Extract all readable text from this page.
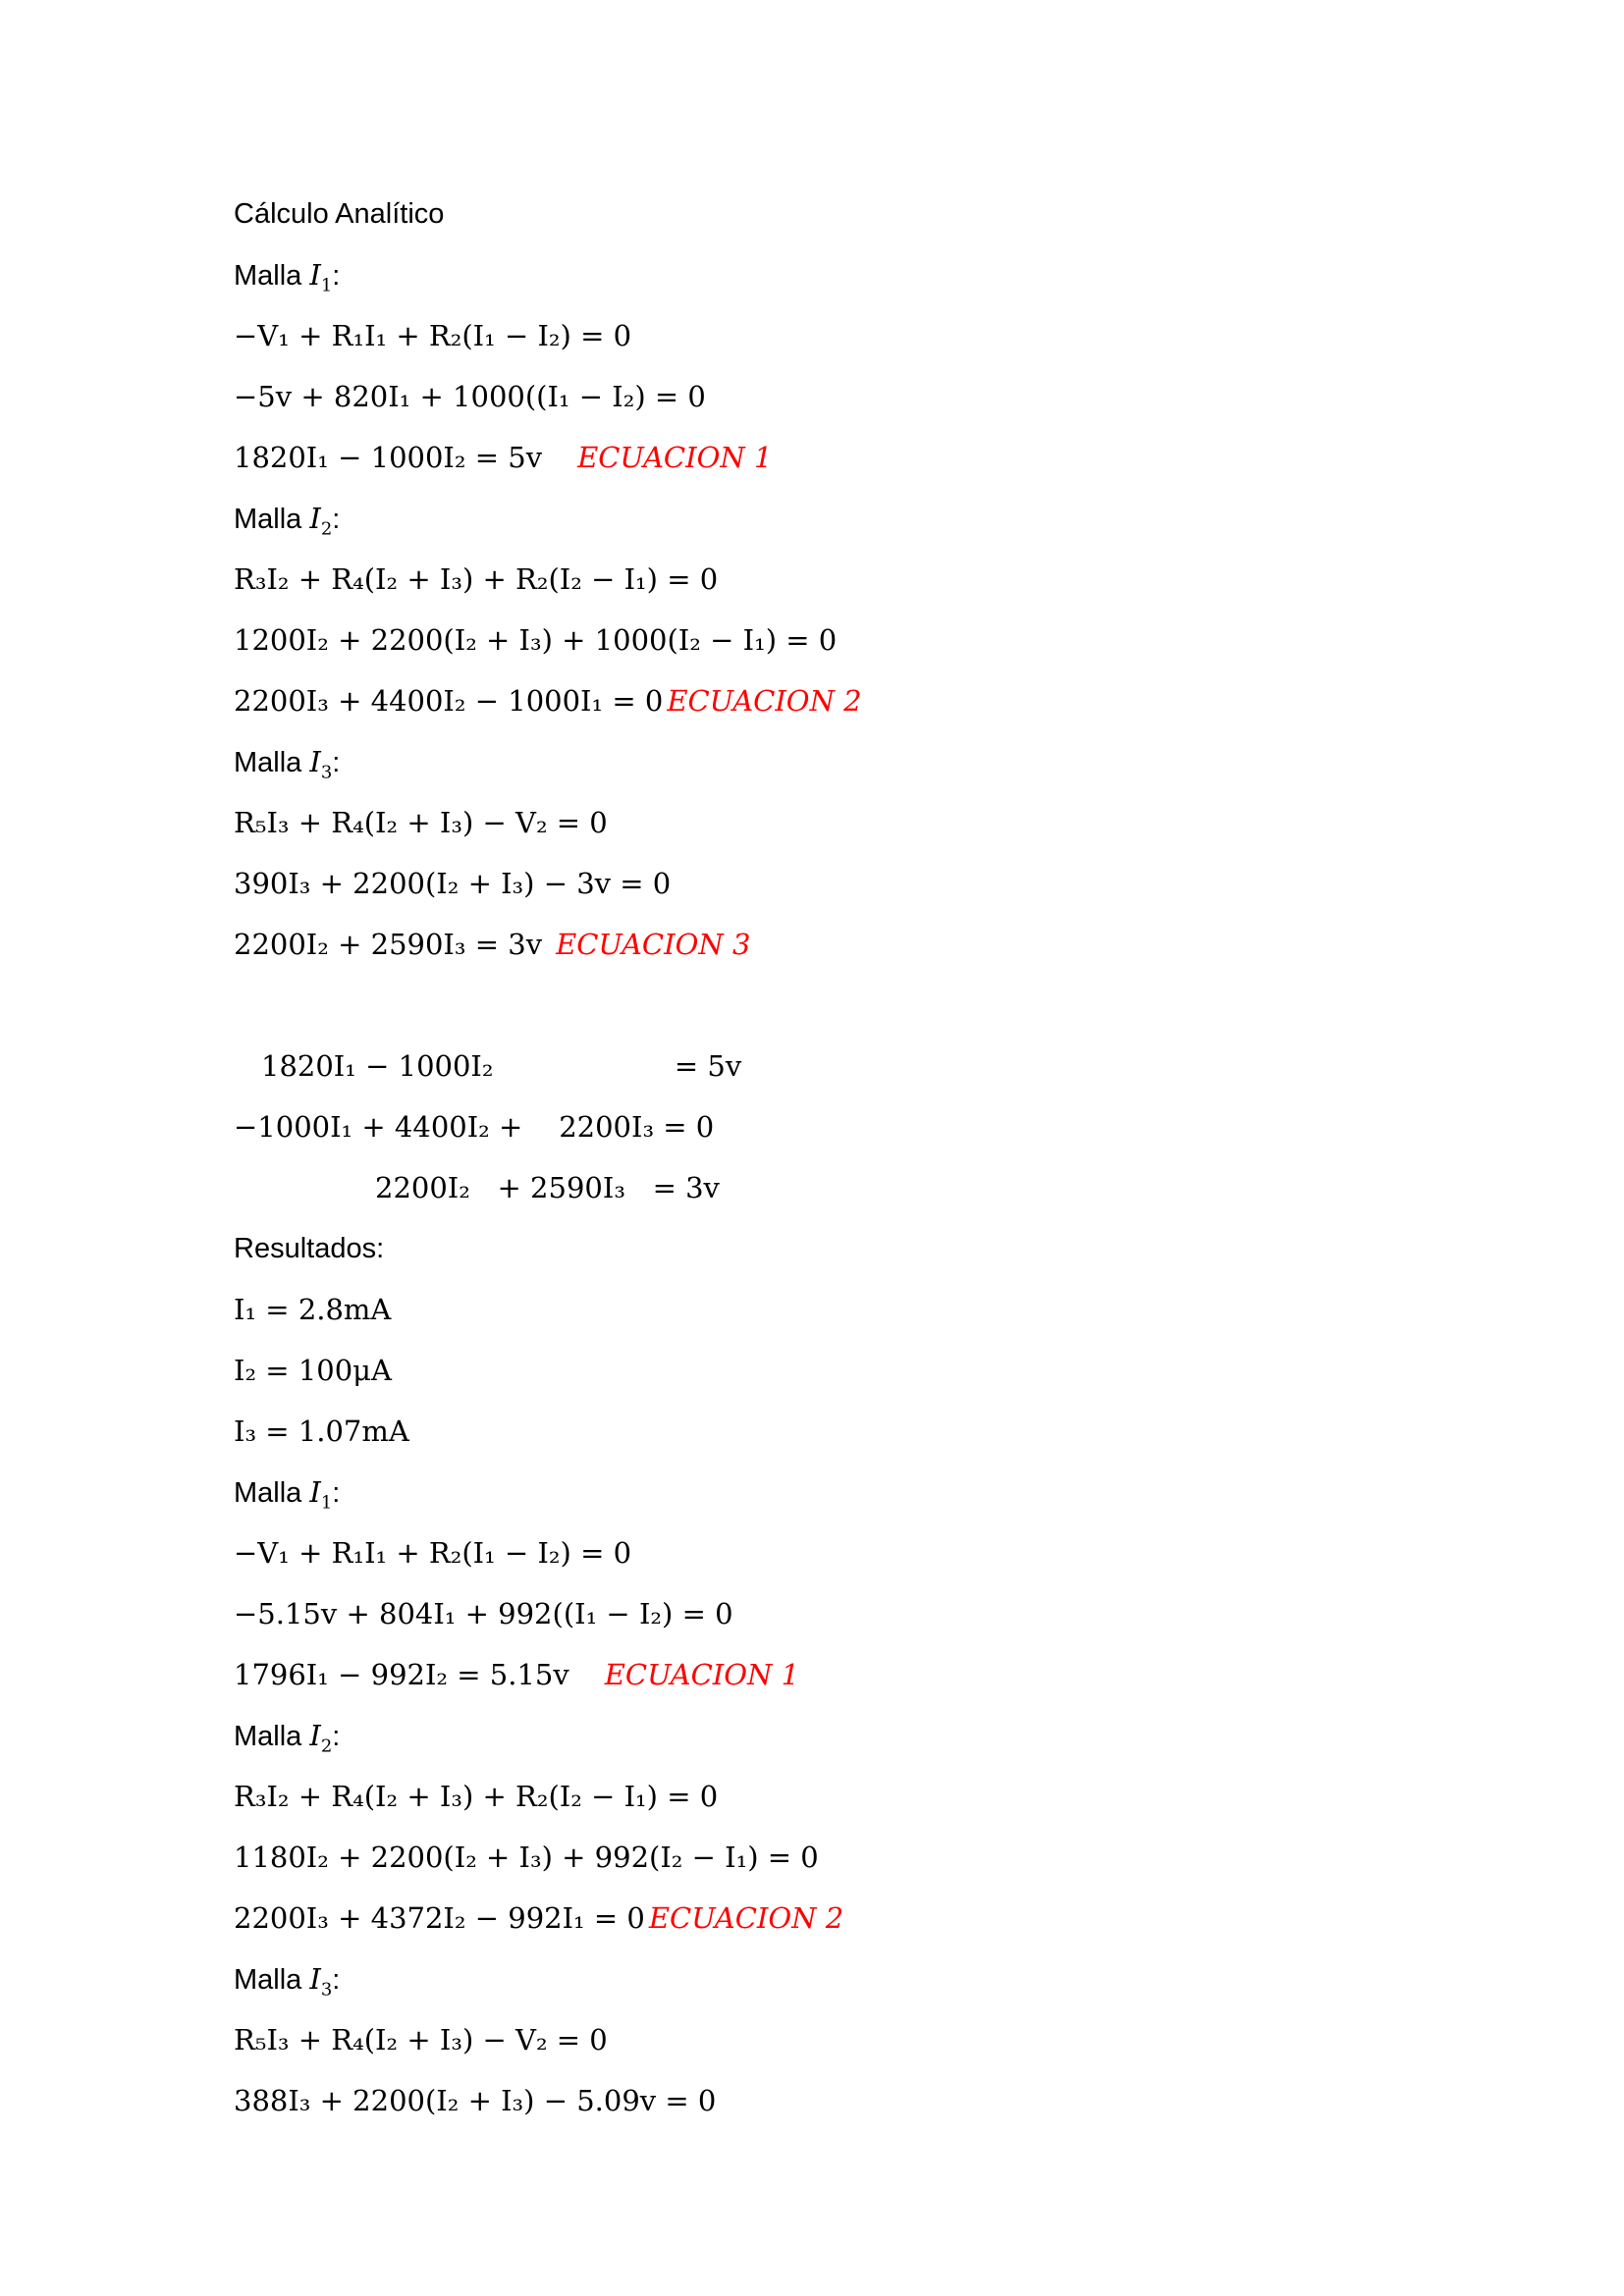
Cálculo Analítico
Malla $I_1$:
−V₁ + R₁I₁ + R₂(I₁ − I₂) = 0
−5v + 820I₁ + 1000((I₁ − I₂) = 0
1820I₁ − 1000I₂ = 5v ECUACION 1
Malla $I_2$:
R₃I₂ + R₄(I₂ + I₃) + R₂(I₂ − I₁) = 0
1200I₂ + 2200(I₂ + I₃) + 1000(I₂ − I₁) = 0
2200I₃ + 4400I₂ − 1000I₁ = 0 ECUACION 2
Malla $I_3$:
R₅I₃ + R₄(I₂ + I₃) − V₂ = 0
390I₃ + 2200(I₂ + I₃) − 3v = 0
2200I₂ + 2590I₃ = 3v ECUACION 3
1820I₁ − 1000I₂                    = 5v
−1000I₁ + 4400I₂ +    2200I₃ = 0
2200I₂   + 2590I₃   = 3v
Resultados:
I₁ = 2.8mA
I₂ = 100μA
I₃ = 1.07mA
Malla $I_1$:
−V₁ + R₁I₁ + R₂(I₁ − I₂) = 0
−5.15v + 804I₁ + 992((I₁ − I₂) = 0
1796I₁ − 992I₂ = 5.15v ECUACION 1
Malla $I_2$:
R₃I₂ + R₄(I₂ + I₃) + R₂(I₂ − I₁) = 0
1180I₂ + 2200(I₂ + I₃) + 992(I₂ − I₁) = 0
2200I₃ + 4372I₂ − 992I₁ = 0 ECUACION 2
Malla $I_3$:
R₅I₃ + R₄(I₂ + I₃) − V₂ = 0
388I₃ + 2200(I₂ + I₃) − 5.09v = 0
